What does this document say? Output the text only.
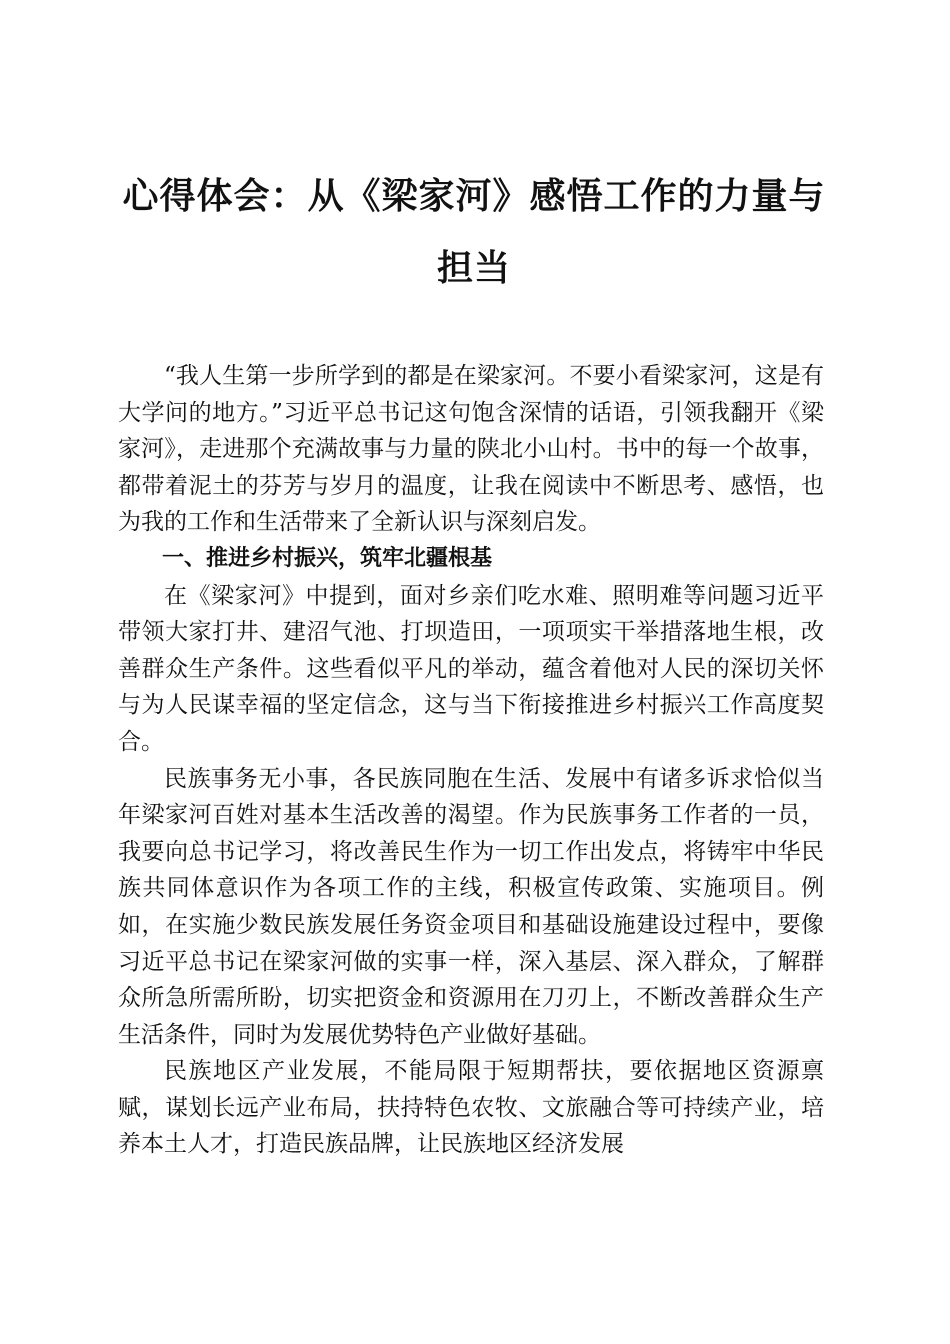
心得体会：从《梁家河》感悟工作的力量与担当

“我人生第一步所学到的都是在梁家河。不要小看梁家河，这是有大学问的地方。”习近平总书记这句饱含深情的话语，引领我翻开《梁家河》，走进那个充满故事与力量的陕北小山村。书中的每一个故事，都带着泥土的芬芳与岁月的温度，让我在阅读中不断思考、感悟，也为我的工作和生活带来了全新认识与深刻启发。

一、推进乡村振兴，筑牢北疆根基

在《梁家河》中提到，面对乡亲们吃水难、照明难等问题习近平带领大家打井、建沼气池、打坝造田，一项项实干举措落地生根，改善群众生产条件。这些看似平凡的举动，蕴含着他对人民的深切关怀与为人民谋幸福的坚定信念，这与当下衔接推进乡村振兴工作高度契合。

民族事务无小事，各民族同胞在生活、发展中有诸多诉求恰似当年梁家河百姓对基本生活改善的渴望。作为民族事务工作者的一员，我要向总书记学习，将改善民生作为一切工作出发点，将铸牢中华民族共同体意识作为各项工作的主线，积极宣传政策、实施项目。例如，在实施少数民族发展任务资金项目和基础设施建设过程中，要像习近平总书记在梁家河做的实事一样，深入基层、深入群众，了解群众所急所需所盼，切实把资金和资源用在刀刃上，不断改善群众生产生活条件，同时为发展优势特色产业做好基础。

民族地区产业发展，不能局限于短期帮扶，要依据地区资源禀赋，谋划长远产业布局，扶持特色农牧、文旅融合等可持续产业，培养本土人才，打造民族品牌，让民族地区经济发展
